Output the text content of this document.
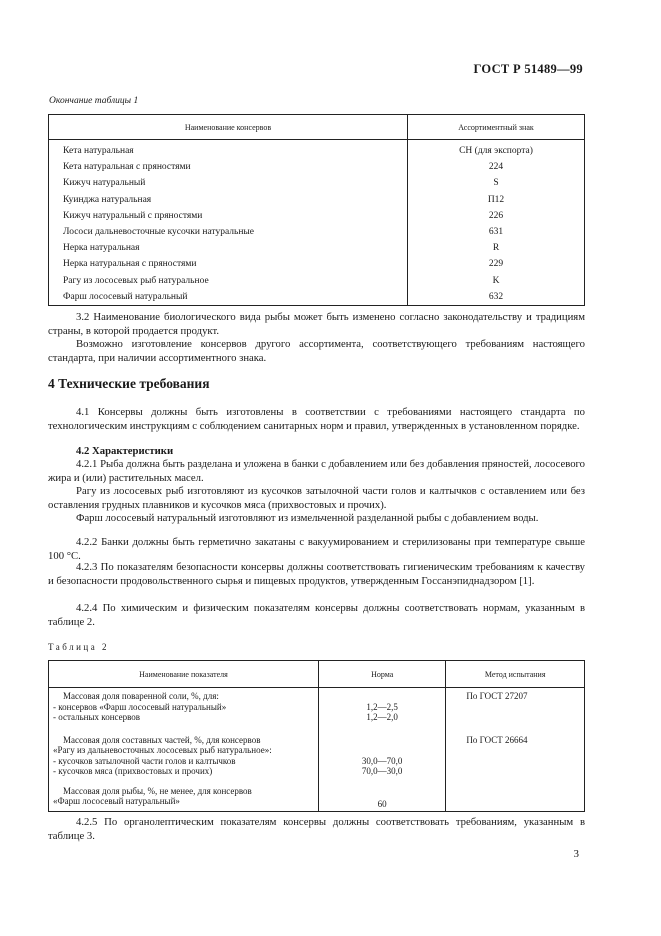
ГОСТ Р 51489—99
Окончание таблицы 1
Наименование консервов	Ассортиментный знак
Кета натуральная	СН (для экспорта)
Кета натуральная с пряностями	224
Кижуч натуральный	S
Куинджа натуральная	П12
Кижуч натуральный с пряностями	226
Лососи дальневосточные кусочки натуральные	631
Нерка натуральная	R
Нерка натуральная с пряностями	229
Рагу из лососевых рыб натуральное	K
Фарш лососевый натуральный	632
3.2 Наименование биологического вида рыбы может быть изменено согласно законодательству и традициям страны, в которой продается продукт.
Возможно изготовление консервов другого ассортимента, соответствующего требованиям настоящего стандарта, при наличии ассортиментного знака.
4 Технические требования
4.1 Консервы должны быть изготовлены в соответствии с требованиями настоящего стандарта по технологическим инструкциям с соблюдением санитарных норм и правил, утвержденных в установленном порядке.
4.2 Характеристики
4.2.1 Рыба должна быть разделана и уложена в банки с добавлением или без добавления пряностей, лососевого жира и (или) растительных масел.
Рагу из лососевых рыб изготовляют из кусочков затылочной части голов и калтычков с оставлением или без оставления грудных плавников и кусочков мяса (прихвостовых и прочих).
Фарш лососевый натуральный изготовляют из измельченной разделанной рыбы с добавлением воды.
4.2.2 Банки должны быть герметично закатаны с вакуумированием и стерилизованы при температуре свыше 100 °С.
4.2.3 По показателям безопасности консервы должны соответствовать гигиеническим требованиям к качеству и безопасности продовольственного сырья и пищевых продуктов, утвержденным Госсанэпиднадзором [1].
4.2.4 По химическим и физическим показателям консервы должны соответствовать нормам, указанным в таблице 2.
Таблица 2
Наименование показателя	Норма	Метод испытания
Массовая доля поваренной соли, %, для:		По ГОСТ 27207
- консервов «Фарш лососевый натуральный»	1,2—2,5	
- остальных консервов	1,2—2,0	
Массовая доля составных частей, %, для консервов		По ГОСТ 26664
«Рагу из дальневосточных лососевых рыб натуральное»:		
- кусочков затылочной части голов и калтычков	30,0—70,0	
- кусочков мяса (прихвостовых и прочих)	70,0—30,0	
Массовая доля рыбы, %, не менее, для консервов		
«Фарш лососевый натуральный»	60	
4.2.5 По органолептическим показателям консервы должны соответствовать требованиям, указанным в таблице 3.
3
